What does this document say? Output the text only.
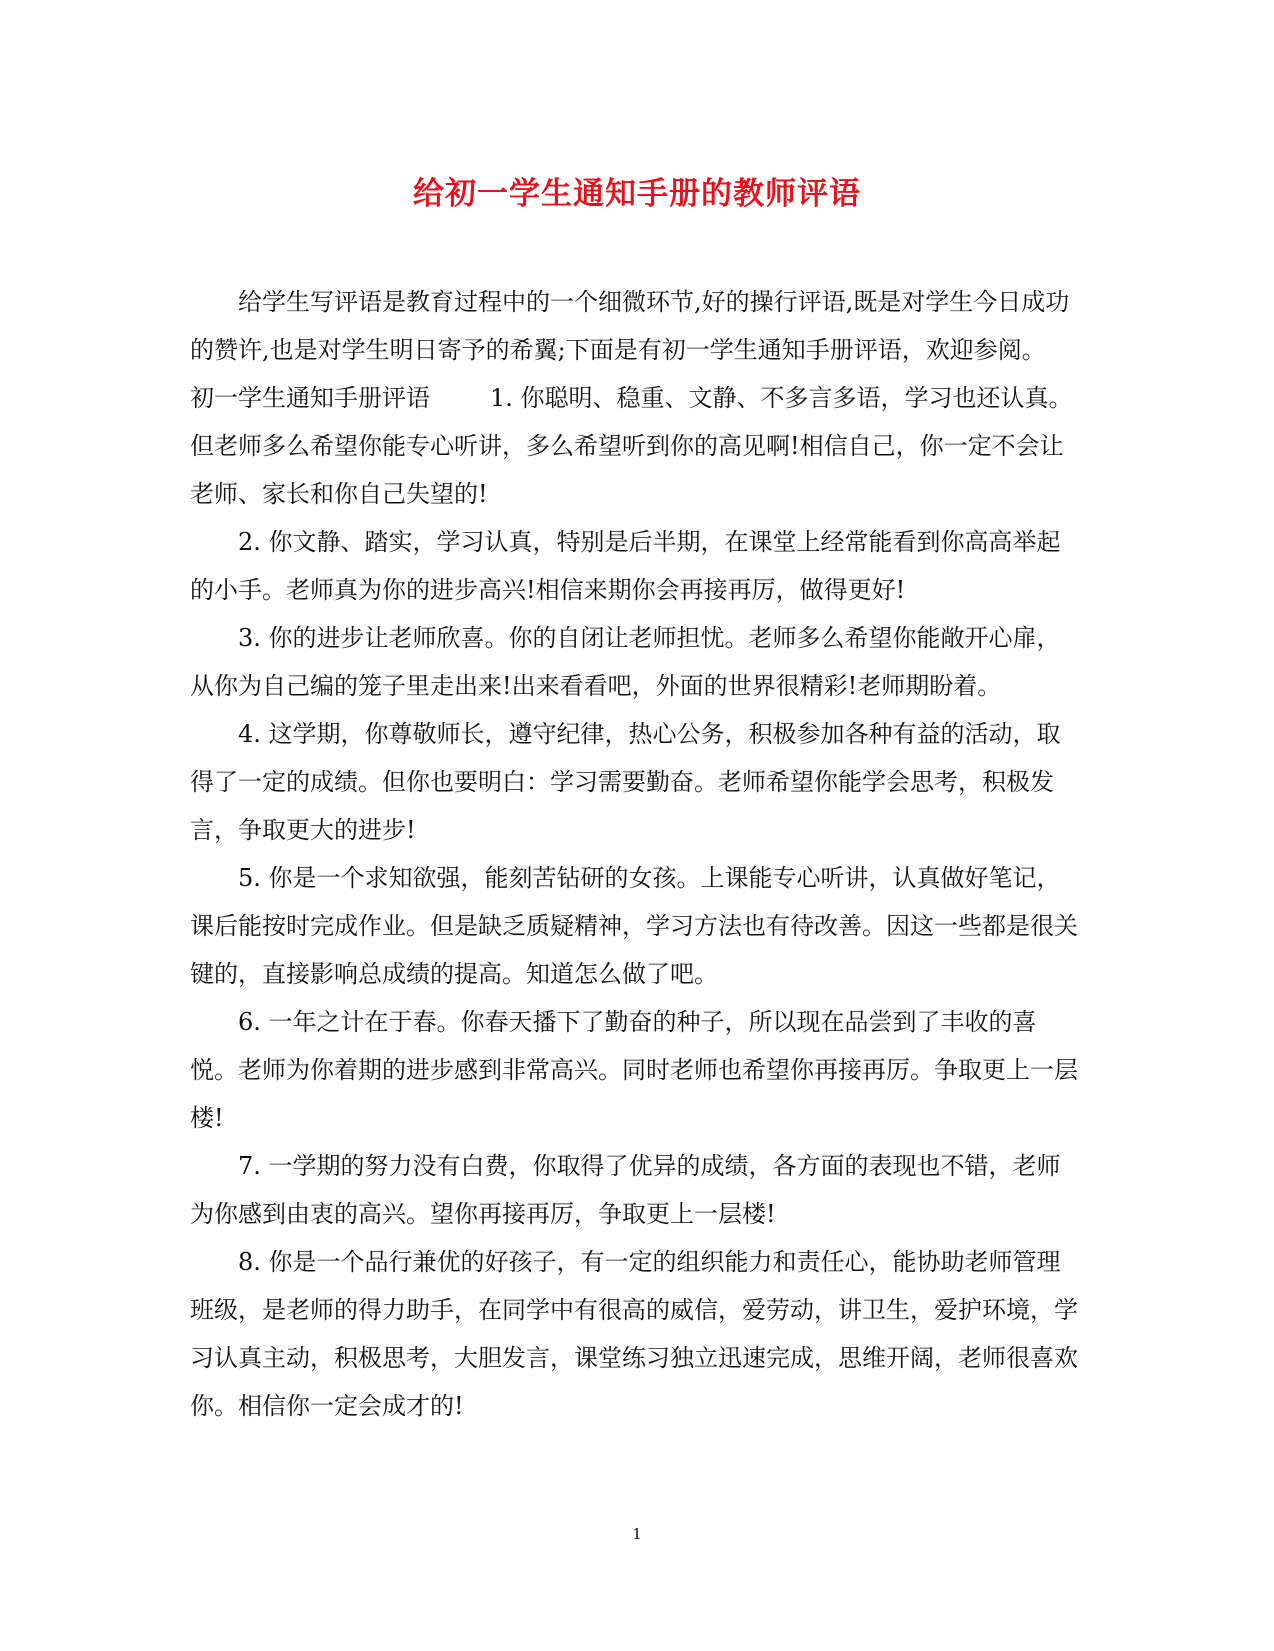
给初一学生通知手册的教师评语

给学生写评语是教育过程中的一个细微环节,好的操行评语,既是对学生今日成功的赞许,也是对学生明日寄予的希翼;下面是有初一学生通知手册评语，欢迎参阅。

初一学生通知手册评语	1. 你聪明、稳重、文静、不多言多语，学习也还认真。但老师多么希望你能专心听讲，多么希望听到你的高见啊!相信自己，你一定不会让老师、家长和你自己失望的!

2. 你文静、踏实，学习认真，特别是后半期，在课堂上经常能看到你高高举起的小手。老师真为你的进步高兴!相信来期你会再接再厉，做得更好!

3. 你的进步让老师欣喜。你的自闭让老师担忧。老师多么希望你能敞开心扉，从你为自己编的笼子里走出来!出来看看吧，外面的世界很精彩!老师期盼着。

4. 这学期，你尊敬师长，遵守纪律，热心公务，积极参加各种有益的活动，取得了一定的成绩。但你也要明白：学习需要勤奋。老师希望你能学会思考，积极发言，争取更大的进步!

5. 你是一个求知欲强，能刻苦钻研的女孩。上课能专心听讲，认真做好笔记，课后能按时完成作业。但是缺乏质疑精神，学习方法也有待改善。因这一些都是很关键的，直接影响总成绩的提高。知道怎么做了吧。

6. 一年之计在于春。你春天播下了勤奋的种子，所以现在品尝到了丰收的喜悦。老师为你着期的进步感到非常高兴。同时老师也希望你再接再厉。争取更上一层楼!

7. 一学期的努力没有白费，你取得了优异的成绩，各方面的表现也不错，老师为你感到由衷的高兴。望你再接再厉，争取更上一层楼!

8. 你是一个品行兼优的好孩子，有一定的组织能力和责任心，能协助老师管理班级，是老师的得力助手，在同学中有很高的威信，爱劳动，讲卫生，爱护环境，学习认真主动，积极思考，大胆发言，课堂练习独立迅速完成，思维开阔，老师很喜欢你。相信你一定会成才的!

1
